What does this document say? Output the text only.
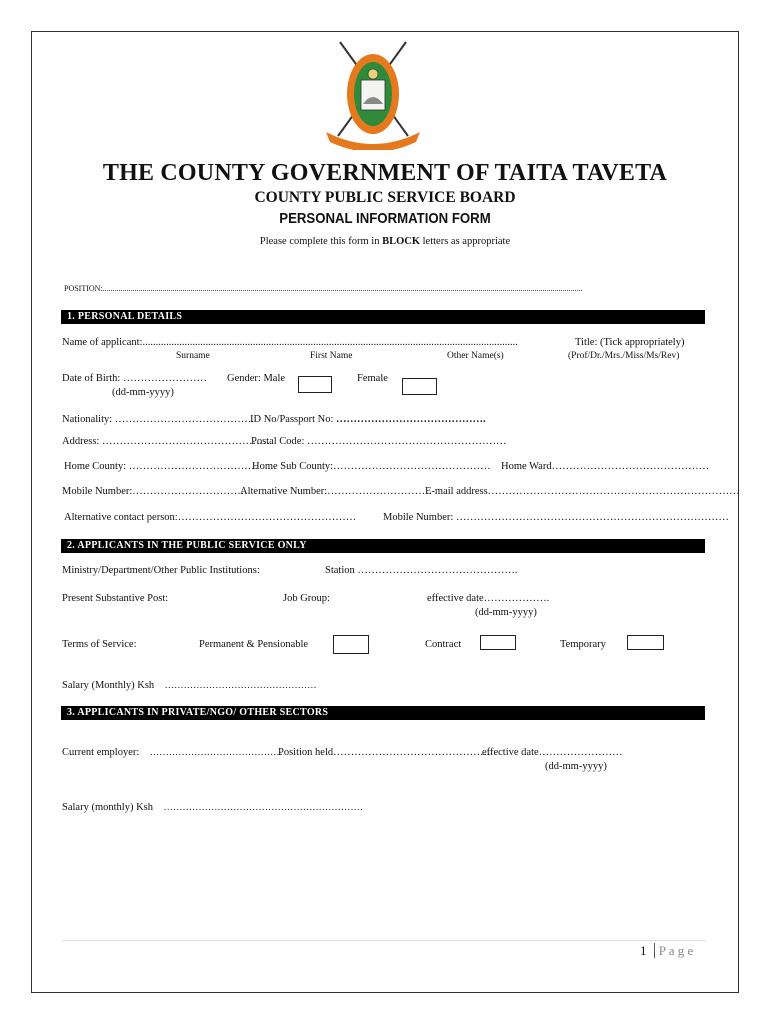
THE COUNTY GOVERNMENT OF TAITA TAVETA
COUNTY PUBLIC SERVICE BOARD
PERSONAL INFORMATION FORM
Please complete this form in BLOCK letters as appropriate
POSITION:................................................................................................................................................................................................................................................
1. PERSONAL DETAILS
Name of applicant:...............................................................................................................................................	Title: (Tick appropriately)
Surname	First Name	Other Name(s)	(Prof/Dr./Mrs./Miss/Ms/Rev)
Date of Birth: ……………………
(dd-mm-yyyy)
Gender: Male	Female
Nationality: ………………………………….
ID No/Passport No: …………………………………….
Address: …………………………………………
Postal Code: …………………………………………………
Home County: ……………………………….
Home Sub County:……………………………………… Home Ward………………………………………
Mobile Number:……………………………
Alternative Number:…………………………
E-mail address………………………………………………………………
Alternative contact person:……………………………………………	Mobile Number: ……………………………………………………………………
2. APPLICANTS IN THE PUBLIC SERVICE ONLY
Ministry/Department/Other Public Institutions:	Station ……………………………………….
Present Substantive Post:	Job Group:	effective date……………….
(dd-mm-yyyy)
Terms of Service:	Permanent & Pensionable	Contract	Temporary
Salary (Monthly) Ksh …………………………………………
3. APPLICANTS IN PRIVATE/NGO/ OTHER SECTORS
Current employer: ……………………………………
Position held………………………………………
effective date……………………
(dd-mm-yyyy)
Salary (monthly) Ksh ………………………………………………………
1 P a g e
